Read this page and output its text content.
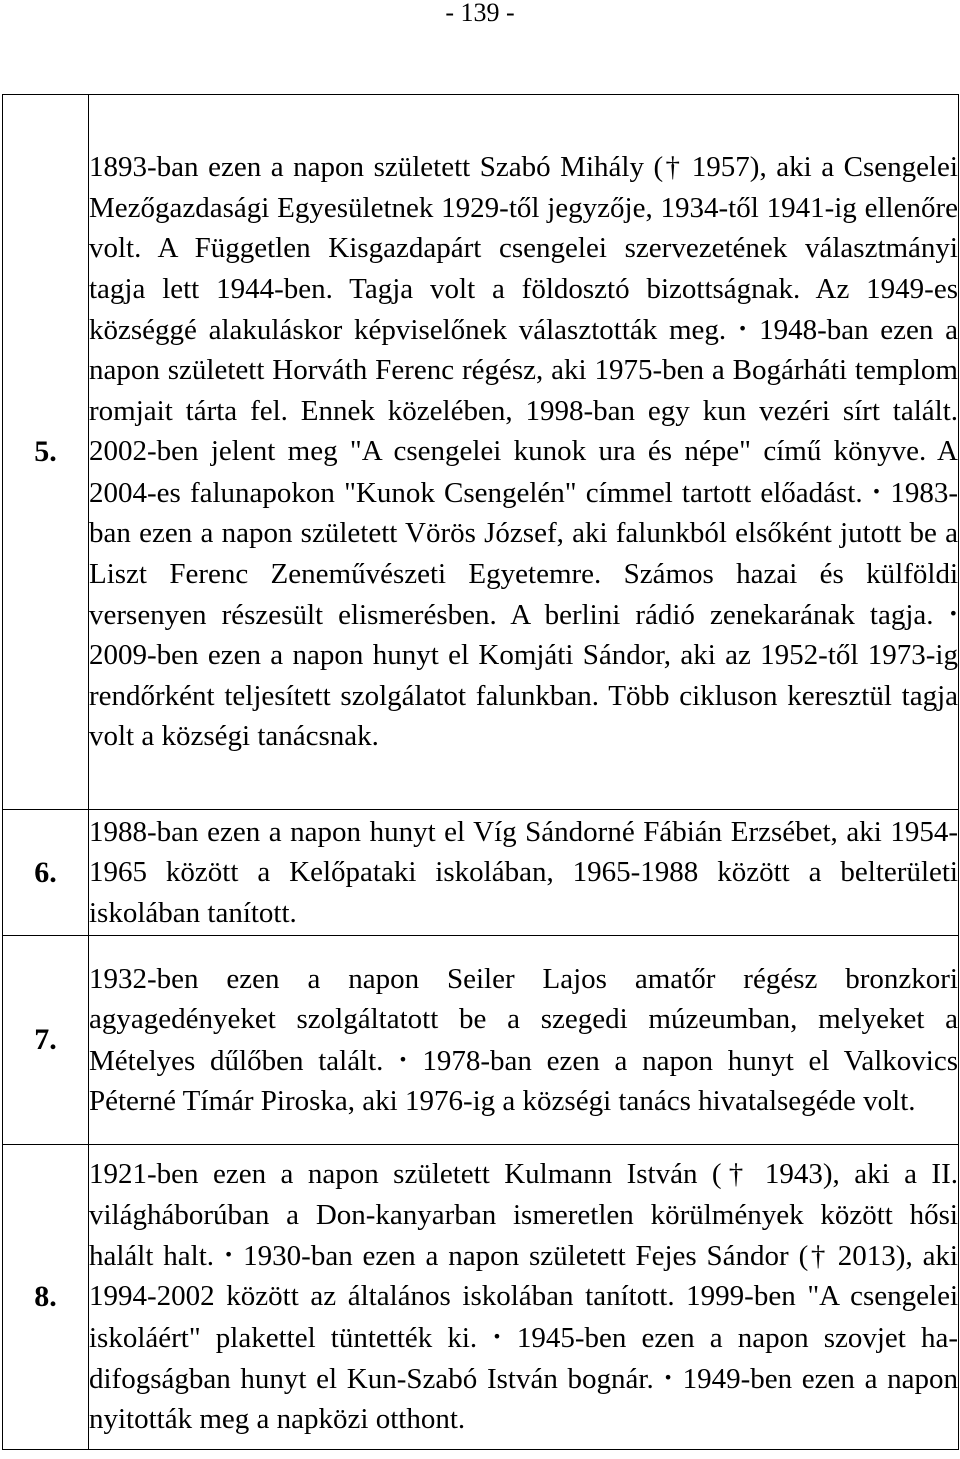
- 139 -
5.	1893-ban ezen a napon született Szabó Mihály († 1957), aki a Csengelei Mezőgazdasági Egyesületnek 1929-től jegyzője, 1934-től 1941-ig ellenőre volt. A Független Kisgazdapárt csengelei szervezetének választmányi tagja lett 1944-ben. Tagja volt a földosztó bizottságnak. Az 1949-es községgé alakuláskor képviselőnek választották meg. • 1948-ban ezen a napon született Horváth Ferenc régész, aki 1975-ben a Bogárháti templom romjait tárta fel. Ennek közelében, 1998-ban egy kun vezéri sírt talált. 2002-ben jelent meg "A csengelei kunok ura és népe" című könyve. A 2004-es falunapokon "Kunok Csengelén" címmel tartott előadást. • 1983-ban ezen a napon született Vörös József, aki falunkból elsőként jutott be a Liszt Ferenc Zeneművészeti Egyetemre. Számos hazai és külföldi versenyen részesült elismerésben. A berlini rádió zenekarának tagja. • 2009-ben ezen a napon hunyt el Komjáti Sándor, aki az 1952-től 1973-ig rendőrként teljesített szolgálatot falunkban. Több cikluson keresztül tagja volt a községi tanácsnak.
6.	1988-ban ezen a napon hunyt el Víg Sándorné Fábián Erzsébet, aki 1954-1965 között a Kelőpataki iskolában, 1965-1988 között a belterületi iskolában tanított.
7.	1932-ben ezen a napon Seiler Lajos amatőr régész bronzkori agyagedényeket szolgáltatott be a szegedi múzeumban, melyeket a Mételyes dűlőben talált. • 1978-ban ezen a napon hunyt el Valkovics Péterné Tímár Piroska, aki 1976-ig a községi tanács hivatalsegéde volt.
8.	1921-ben ezen a napon született Kulmann István († 1943), aki a II. világháborúban a Don-kanyarban ismeretlen körülmények között hősi halált halt. • 1930-ban ezen a napon született Fejes Sándor († 2013), aki 1994-2002 között az általános iskolában tanított. 1999-ben "A csengelei iskoláért" plakettel tüntették ki. • 1945-ben ezen a napon szovjet hadifogságban hunyt el Kun-Szabó István bognár. • 1949-ben ezen a napon nyitották meg a napközi otthont.
